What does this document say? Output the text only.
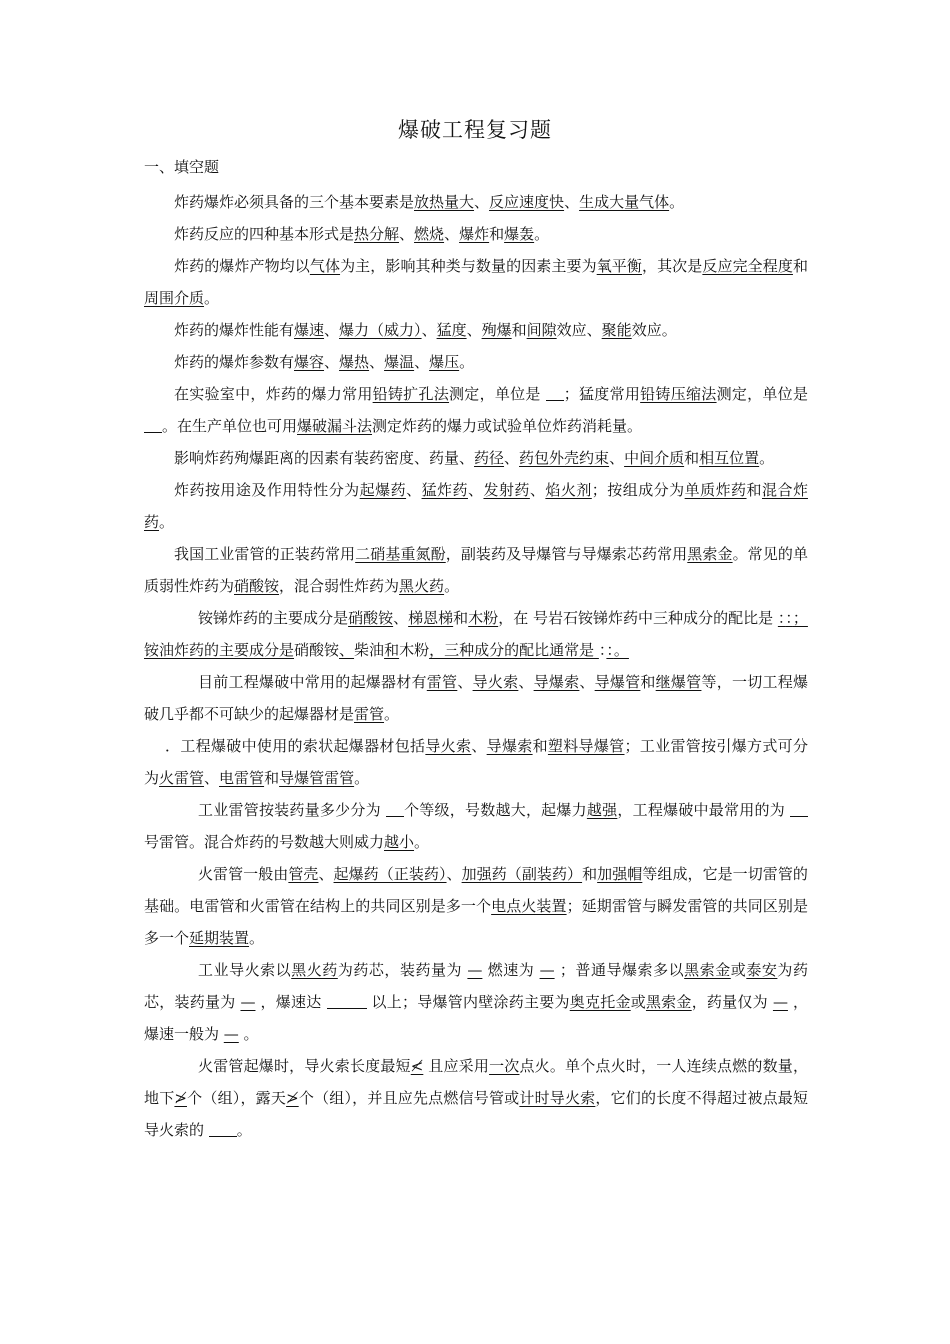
爆破工程复习题
一、填空题
炸药爆炸必须具备的三个基本要素是放热量大、反应速度快、生成大量气体。
炸药反应的四种基本形式是热分解、燃烧、爆炸和爆轰。
炸药的爆炸产物均以气体为主，影响其种类与数量的因素主要为氧平衡，其次是反应完全程度和周围介质。
炸药的爆炸性能有爆速、爆力（威力）、猛度、殉爆和间隙效应、聚能效应。
炸药的爆炸参数有爆容、爆热、爆温、爆压。
在实验室中，炸药的爆力常用铅铸扩孔法测定，单位是 ；猛度常用铅铸压缩法测定，单位是 。在生产单位也可用爆破漏斗法测定炸药的爆力或试验单位炸药消耗量。
影响炸药殉爆距离的因素有装药密度、药量、药径、药包外壳约束、中间介质和相互位置。
炸药按用途及作用特性分为起爆药、猛炸药、发射药、焰火剂；按组成分为单质炸药和混合炸药。
我国工业雷管的正装药常用二硝基重氮酚，副装药及导爆管与导爆索芯药常用黑索金。常见的单质弱性炸药为硝酸铵，混合弱性炸药为黑火药。
铵锑炸药的主要成分是硝酸铵、梯恩梯和木粉，在 号岩石铵锑炸药中三种成分的配比是 ：：；铵油炸药的主要成分是硝酸铵、柴油和木粉，三种成分的配比通常是 ：：。
目前工程爆破中常用的起爆器材有雷管、导火索、导爆索、导爆管和继爆管等，一切工程爆破几乎都不可缺少的起爆器材是雷管。
．工程爆破中使用的索状起爆器材包括导火索、导爆索和塑料导爆管；工业雷管按引爆方式可分为火雷管、电雷管和导爆管雷管。
工业雷管按装药量多少分为 个等级，号数越大，起爆力越强，工程爆破中最常用的为 号雷管。混合炸药的号数越大则威力越小。
火雷管一般由管壳、起爆药（正装药）、加强药（副装药）和加强帽等组成，它是一切雷管的基础。电雷管和火雷管在结构上的共同区别是多一个电点火装置；延期雷管与瞬发雷管的共同区别是多一个延期装置。
工业导火索以黑火药为药芯，装药量为 — 燃速为 — ；普通导爆索多以黑索金或泰安为药芯，装药量为 — ，爆速达	以上；导爆管内壁涂药主要为奥克托金或黑索金，药量仅为 — ，爆速一般为 — 。
火雷管起爆时，导火索长度最短≮ 且应采用一次点火。单个点火时，一人连续点燃的数量，地下≯个（组），露天≯个（组），并且应先点燃信号管或计时导火索，它们的长度不得超过被点最短导火索的 。
